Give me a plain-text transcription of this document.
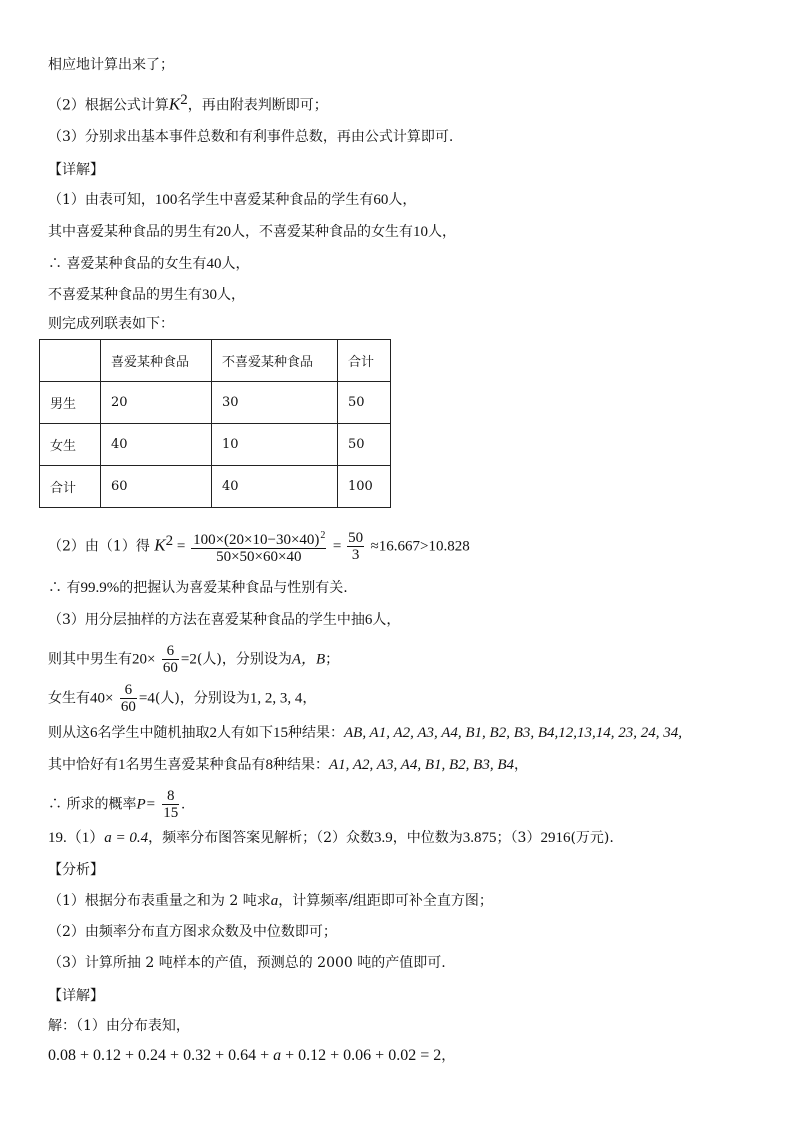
相应地计算出来了；
（2）根据公式计算$K^2$，再由附表判断即可；
（3）分别求出基本事件总数和有利事件总数，再由公式计算即可.
【详解】
（1）由表可知，100名学生中喜爱某种食品的学生有60人，
其中喜爱某种食品的男生有20人，不喜爱某种食品的女生有10人，
∴ 喜爱某种食品的女生有40人，
不喜爱某种食品的男生有30人，
则完成列联表如下：
	喜爱某种食品	不喜爱某种食品	合计
男生	20	30	50
女生	40	10	50
合计	60	40	100
（2）由（1）得 $K^2 = \frac{100\times(20\times 10-30\times 40)^2}{50\times 50\times 60\times 40} = \frac{50}{3} \approx 16.667>10.828$
∴ 有99.9%的把握认为喜爱某种食品与性别有关.
（3）用分层抽样的方法在喜爱某种食品的学生中抽6人，
则其中男生有$20\times \frac{6}{60} =2$(人)，分别设为A，B；
女生有$40\times \frac{6}{60} =4$(人)，分别设为1, 2, 3, 4，
则从这6名学生中随机抽取2人有如下15种结果：AB, A1, A2, A3, A4, B1, B2, B3, B4,12,13,14, 23, 24, 34,
其中恰好有1名男生喜爱某种食品有8种结果：A1, A2, A3, A4, B1, B2, B3, B4，
∴ 所求的概率$P= \frac{8}{15}$ .
19.（1）a = 0.4，频率分布图答案见解析；（2）众数3.9，中位数为3.875；（3）2916(万元).
【分析】
（1）根据分布表重量之和为 2 吨求a，计算频率/组距即可补全直方图；
（2）由频率分布直方图求众数及中位数即可；
（3）计算所抽 2 吨样本的产值，预测总的 2000 吨的产值即可.
【详解】
解：（1）由分布表知，
0.08 + 0.12 + 0.24 + 0.32 + 0.64 + a + 0.12 + 0.06 + 0.02 = 2，
